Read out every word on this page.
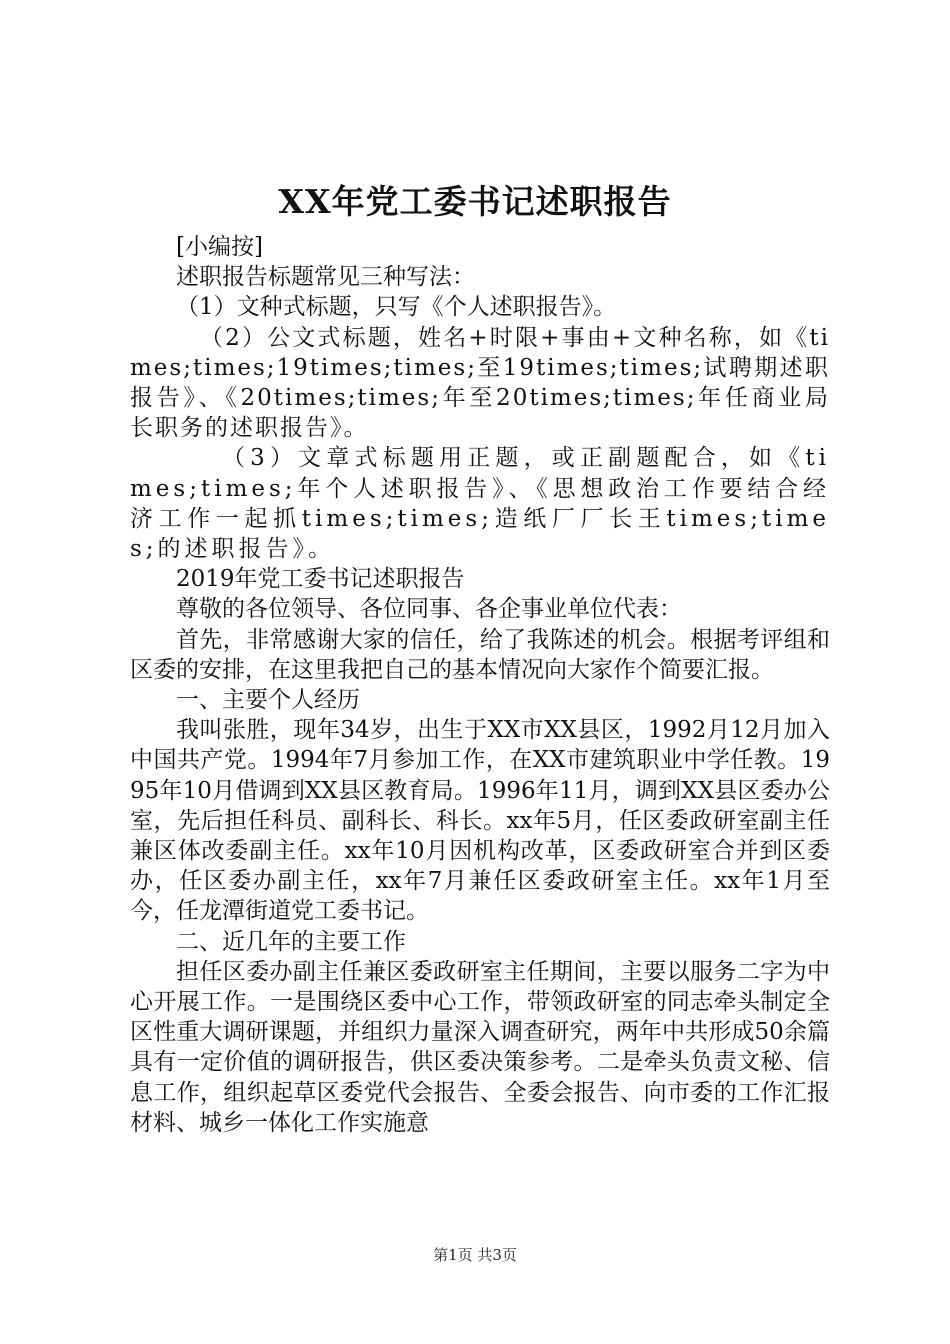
XX年党工委书记述职报告

[小编按]

述职报告标题常见三种写法：

（1）文种式标题，只写《个人述职报告》。

（2）公文式标题，姓名+时限+事由+文种名称，如《times;times;19times;times;至19times;times;试聘期述职报告》、《20times;times;年至20times;times;年任商业局长职务的述职报告》。

（3）文章式标题用正题，或正副题配合，如《times;times;年个人述职报告》、《思想政治工作要结合经济工作一起抓times;times;造纸厂厂长王times;times;的述职报告》。

2019年党工委书记述职报告

尊敬的各位领导、各位同事、各企事业单位代表：

首先，非常感谢大家的信任，给了我陈述的机会。根据考评组和区委的安排，在这里我把自己的基本情况向大家作个简要汇报。

一、主要个人经历

我叫张胜，现年34岁，出生于XX市XX县区，1992月12月加入中国共产党。1994年7月参加工作，在XX市建筑职业中学任教。1995年10月借调到XX县区教育局。1996年11月，调到XX县区委办公室，先后担任科员、副科长、科长。xx年5月，任区委政研室副主任兼区体改委副主任。xx年10月因机构改革，区委政研室合并到区委办，任区委办副主任，xx年7月兼任区委政研室主任。xx年1月至今，任龙潭街道党工委书记。

二、近几年的主要工作

担任区委办副主任兼区委政研室主任期间，主要以服务二字为中心开展工作。一是围绕区委中心工作，带领政研室的同志牵头制定全区性重大调研课题，并组织力量深入调查研究，两年中共形成50余篇具有一定价值的调研报告，供区委决策参考。二是牵头负责文秘、信息工作，组织起草区委党代会报告、全委会报告、向市委的工作汇报材料、城乡一体化工作实施意

第1页 共3页
